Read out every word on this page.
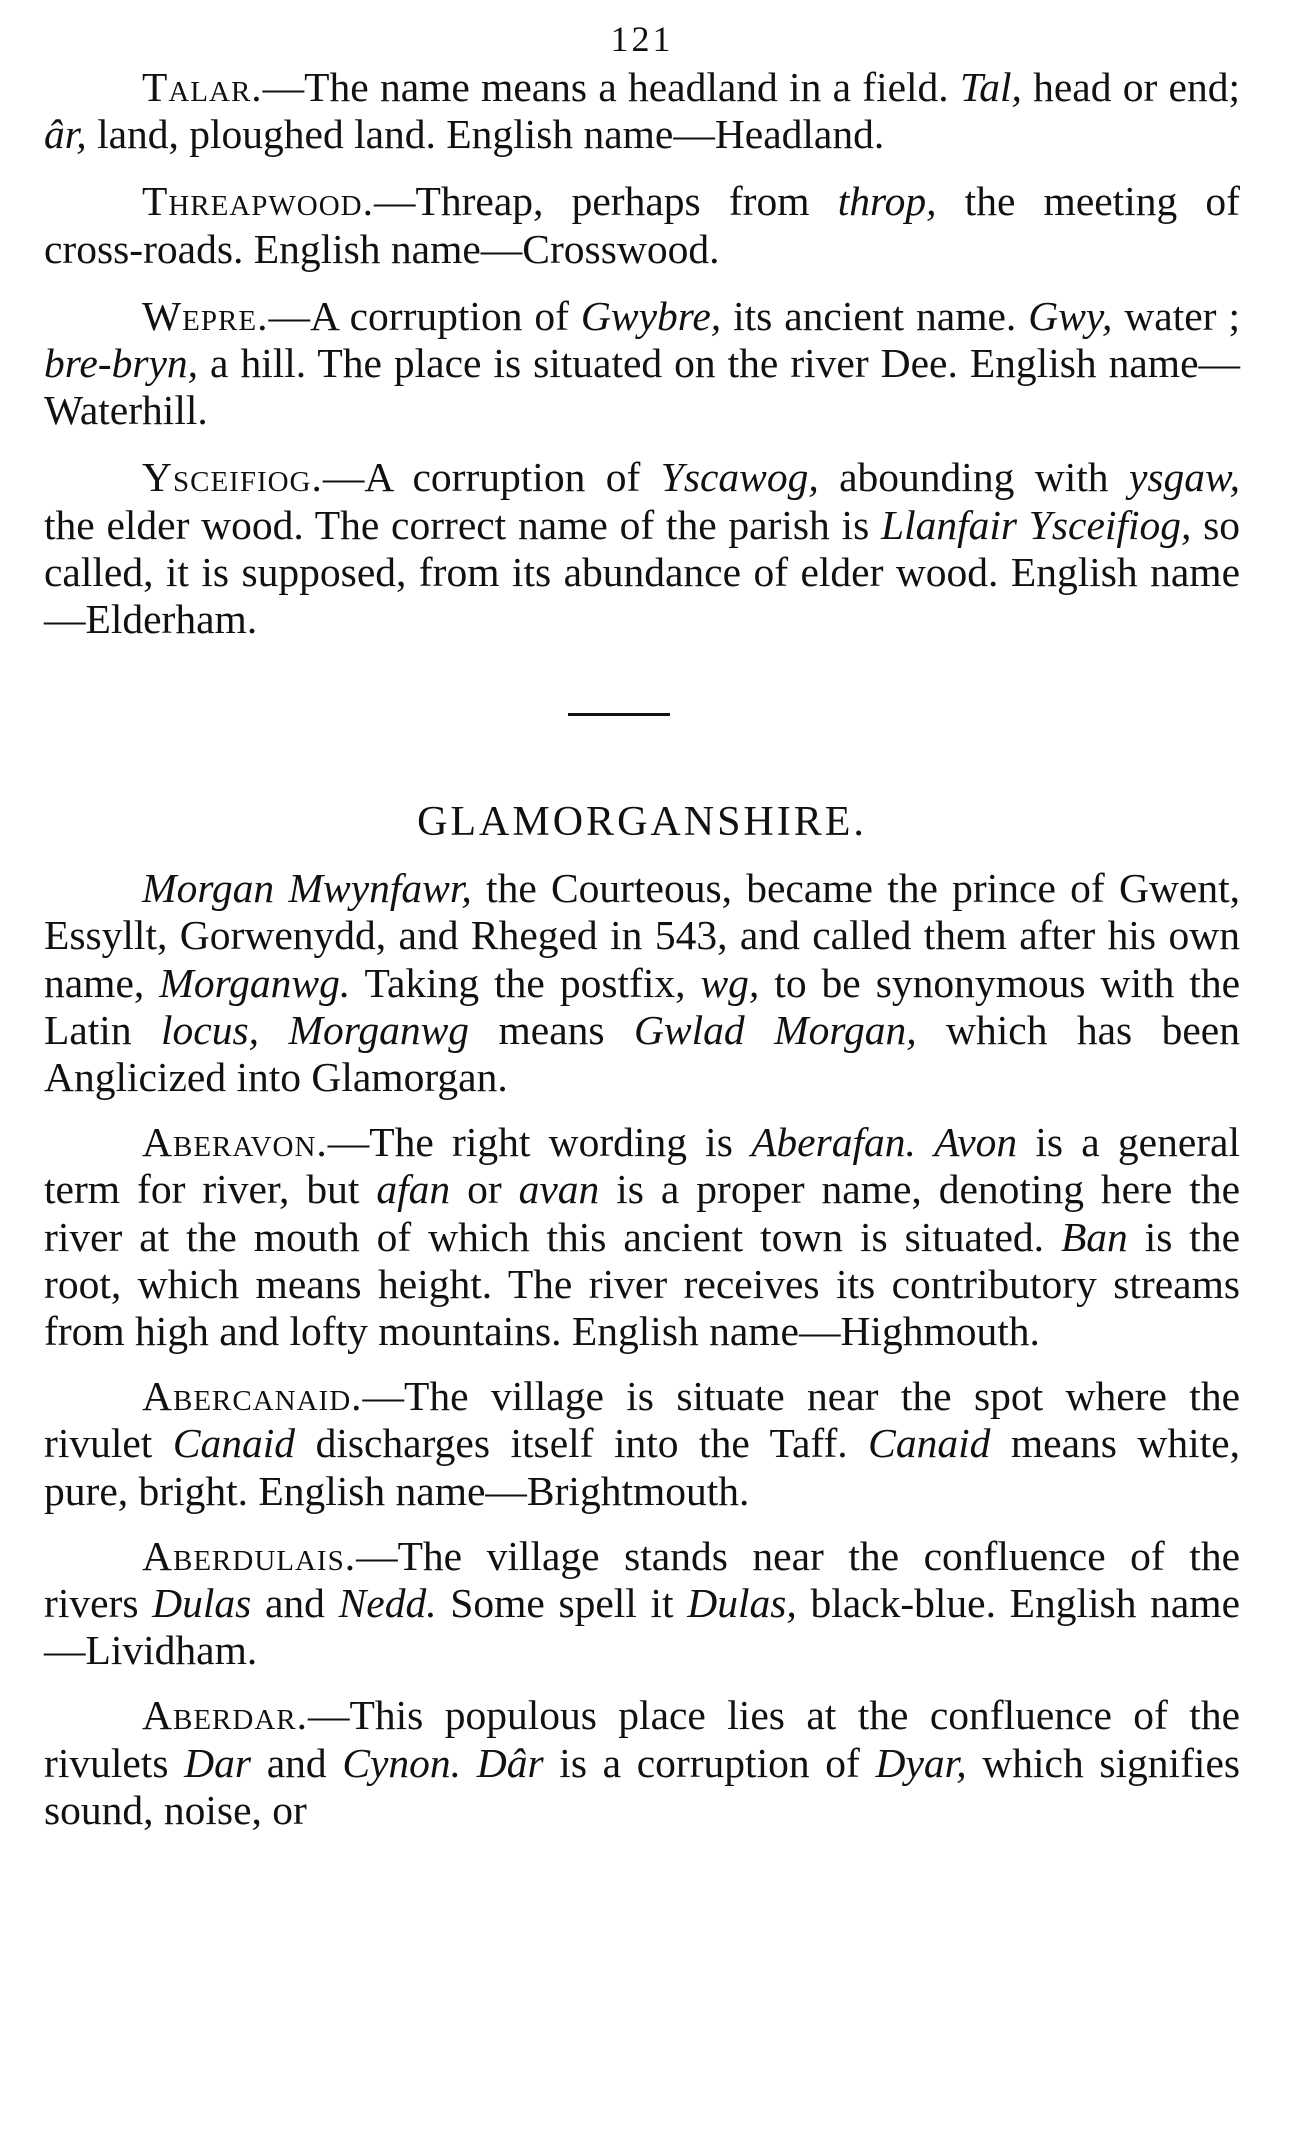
121

Talar.—The name means a headland in a field. Tal, head or end; âr, land, ploughed land. English name—Headland.

Threapwood.—Threap, perhaps from throp, the meeting of cross-roads. English name—Crosswood.

Wepre.—A corruption of Gwybre, its ancient name. Gwy, water ; bre-bryn, a hill. The place is situated on the river Dee. English name—Waterhill.

Ysceifiog.—A corruption of Yscawog, abounding with ysgaw, the elder wood. The correct name of the parish is Llanfair Ysceifiog, so called, it is supposed, from its abundance of elder wood. English name—Elderham.

GLAMORGANSHIRE.

Morgan Mwynfawr, the Courteous, became the prince of Gwent, Essyllt, Gorwenydd, and Rheged in 543, and called them after his own name, Morganwg. Taking the postfix, wg, to be synonymous with the Latin locus, Morganwg means Gwlad Morgan, which has been Anglicized into Glamorgan.

Aberavon.—The right wording is Aberafan. Avon is a general term for river, but afan or avan is a proper name, denoting here the river at the mouth of which this ancient town is situated. Ban is the root, which means height. The river receives its contributory streams from high and lofty mountains. English name—Highmouth.

Abercanaid.—The village is situate near the spot where the rivulet Canaid discharges itself into the Taff. Canaid means white, pure, bright. English name—Brightmouth.

Aberdulais.—The village stands near the confluence of the rivers Dulas and Nedd. Some spell it Dulas, black-blue. English name—Lividham.

Aberdar.—This populous place lies at the confluence of the rivulets Dar and Cynon. Dâr is a corruption of Dyar, which signifies sound, noise, or
